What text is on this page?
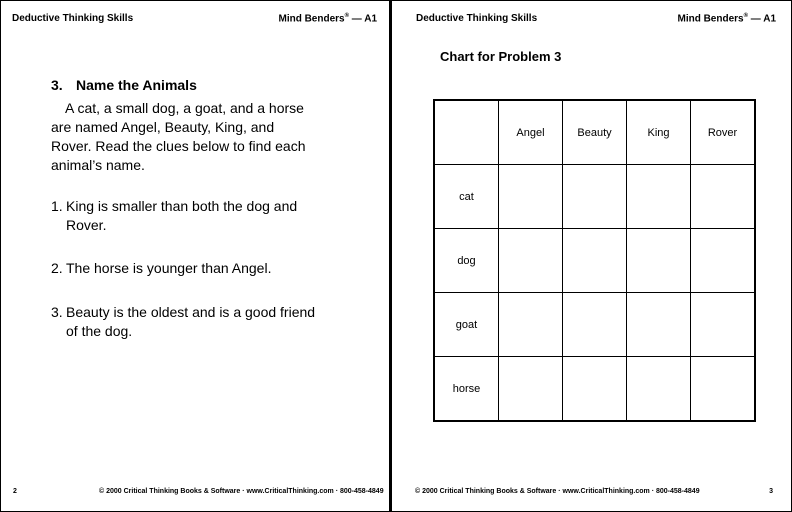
Deductive Thinking Skills	Mind Benders® — A1
3. Name the Animals
A cat, a small dog, a goat, and a horse are named Angel, Beauty, King, and Rover. Read the clues below to find each animal’s name.
1. King is smaller than both the dog and Rover.
2. The horse is younger than Angel.
3. Beauty is the oldest and is a good friend of the dog.
2	© 2000 Critical Thinking Books & Software · www.CriticalThinking.com · 800-458-4849
Deductive Thinking Skills	Mind Benders® — A1
Chart for Problem 3
	Angel	Beauty	King	Rover
cat				
dog				
goat				
horse				
© 2000 Critical Thinking Books & Software · www.CriticalThinking.com · 800-458-4849	3
